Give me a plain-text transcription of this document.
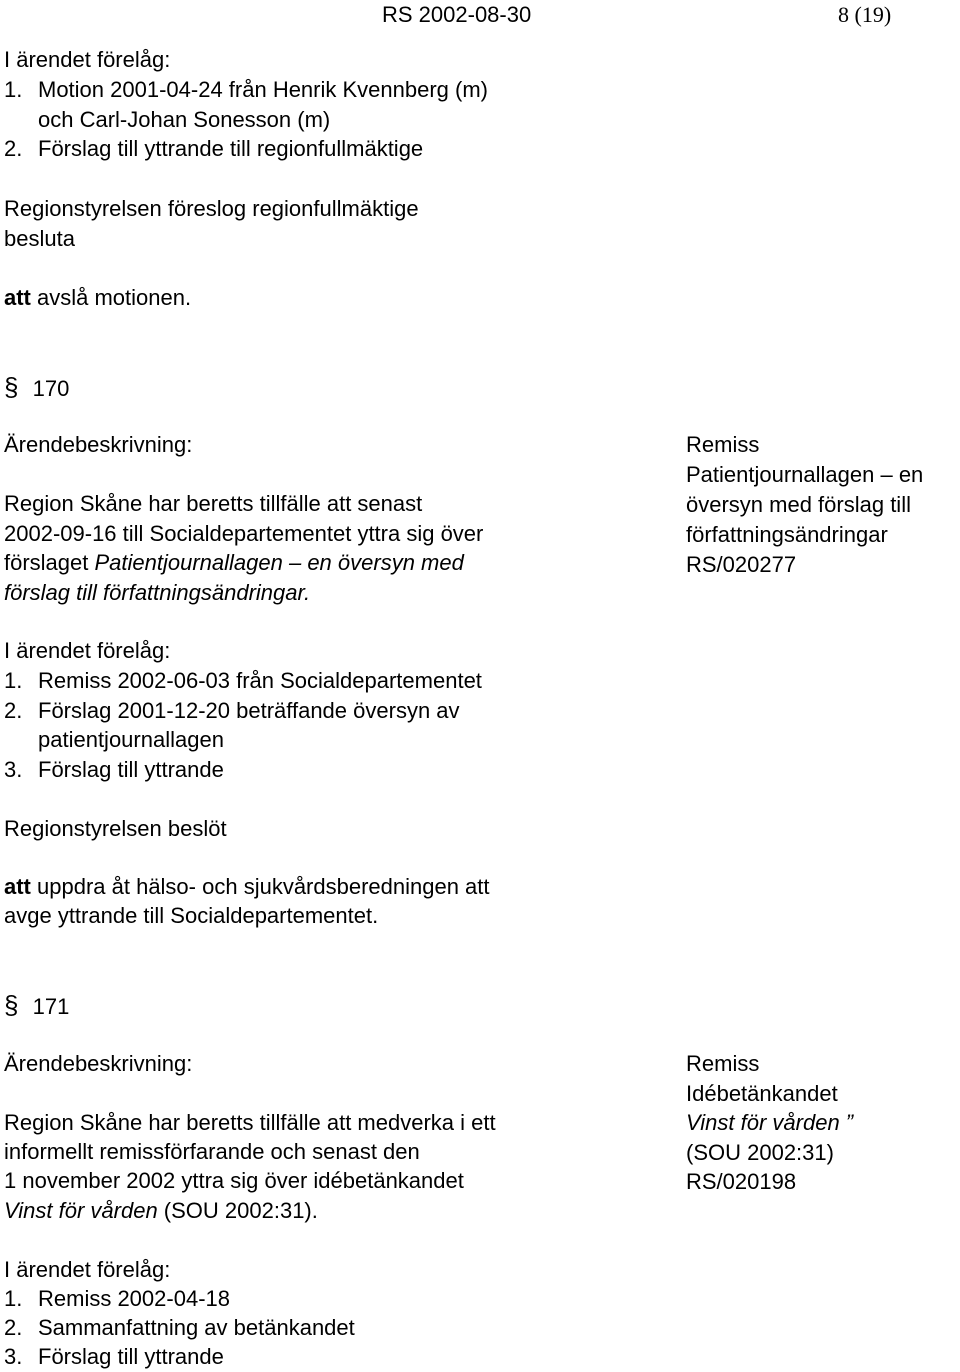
RS 2002-08-30	8 (19)
I ärendet förelåg:
1. Motion 2001-04-24 från Henrik Kvennberg (m)
och Carl-Johan Sonesson (m)
2. Förslag till yttrande till regionfullmäktige
Regionstyrelsen föreslog regionfullmäktige
besluta
att avslå motionen.
§ 170
Ärendebeskrivning:
Region Skåne har beretts tillfälle att senast
2002-09-16 till Socialdepartementet yttra sig över
förslaget Patientjournallagen – en översyn med
förslag till författningsändringar.
Remiss
Patientjournallagen – en
översyn med förslag till
författningsändringar
RS/020277
I ärendet förelåg:
1. Remiss 2002-06-03 från Socialdepartementet
2. Förslag 2001-12-20 beträffande översyn av
patientjournallagen
3. Förslag till yttrande
Regionstyrelsen beslöt
att uppdra åt hälso- och sjukvårdsberedningen att
avge yttrande till Socialdepartementet.
§ 171
Ärendebeskrivning:
Region Skåne har beretts tillfälle att medverka i ett
informellt remissförfarande och senast den
1 november 2002 yttra sig över idébetänkandet
Vinst för vården (SOU 2002:31).
Remiss
Idébetänkandet
Vinst för vården ”
(SOU 2002:31)
RS/020198
I ärendet förelåg:
1. Remiss 2002-04-18
2. Sammanfattning av betänkandet
3. Förslag till yttrande
